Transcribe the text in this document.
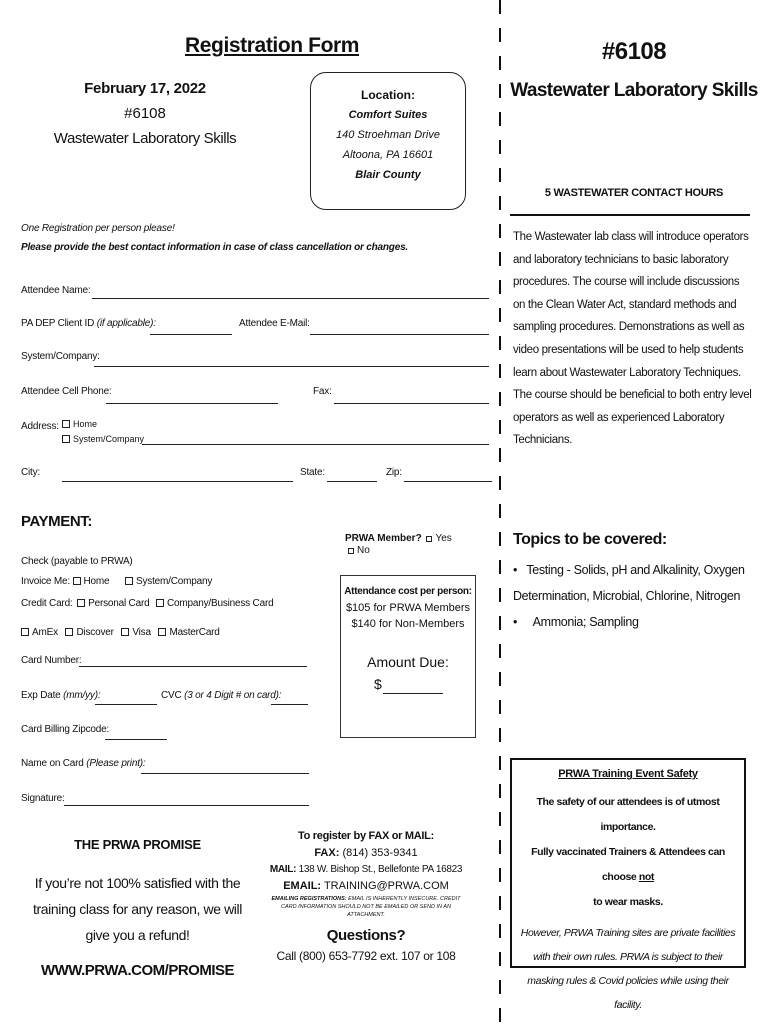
Registration Form
February 17, 2022
#6108
Wastewater Laboratory Skills
Location:
Comfort Suites
140 Stroehman Drive
Altoona, PA 16601
Blair County
One Registration per person please!
Please provide the best contact information in case of class cancellation or changes.
Attendee Name:
PA DEP Client ID (if applicable):	Attendee E-Mail:
System/Company:
Attendee Cell Phone:	Fax:
Address:	Home
System/Company
City:	State:	Zip:
PAYMENT:
PRWA Member? Yes No
Check (payable to PRWA)
Invoice Me: Home	System/Company
Credit Card: Personal Card Company/Business Card
AmEx Discover Visa MasterCard
Card Number:
Exp Date (mm/yy):	CVC (3 or 4 Digit # on card):
Card Billing Zipcode:
Name on Card (Please print):
Signature:
Attendance cost per person:
$105 for PRWA Members
$140 for Non-Members
Amount Due:
$
THE PRWA PROMISE
If you’re not 100% satisfied with the training class for any reason, we will give you a refund!
WWW.PRWA.COM/PROMISE
To register by FAX or MAIL:
FAX: (814) 353-9341
MAIL: 138 W. Bishop St., Bellefonte PA 16823
EMAIL: TRAINING@PRWA.COM
EMAILING REGISTRATIONS: EMAIL IS INHERENTLY INSECURE. CREDIT CARD INFORMATION SHOULD NOT BE EMAILED OR SEND IN AN ATTACHMENT.
Questions?
Call (800) 653-7792 ext. 107 or 108
#6108
Wastewater Laboratory Skills
5 WASTEWATER CONTACT HOURS
The Wastewater lab class will introduce operators and laboratory technicians to basic laboratory procedures. The course will include discussions on the Clean Water Act, standard methods and sampling procedures. Demonstrations as well as video presentations will be used to help students learn about Wastewater Laboratory Techniques. The course should be beneficial to both entry level operators as well as experienced Laboratory Technicians.
Topics to be covered:
•   Testing - Solids, pH and Alkalinity, Oxygen Determination, Microbial, Chlorine, Nitrogen
•     Ammonia; Sampling
PRWA Training Event Safety
The safety of our attendees is of utmost importance.
Fully vaccinated Trainers & Attendees can choose not
to wear masks.
However, PRWA Training sites are private facilities with their own rules. PRWA is subject to their masking rules & Covid policies while using their facility.
